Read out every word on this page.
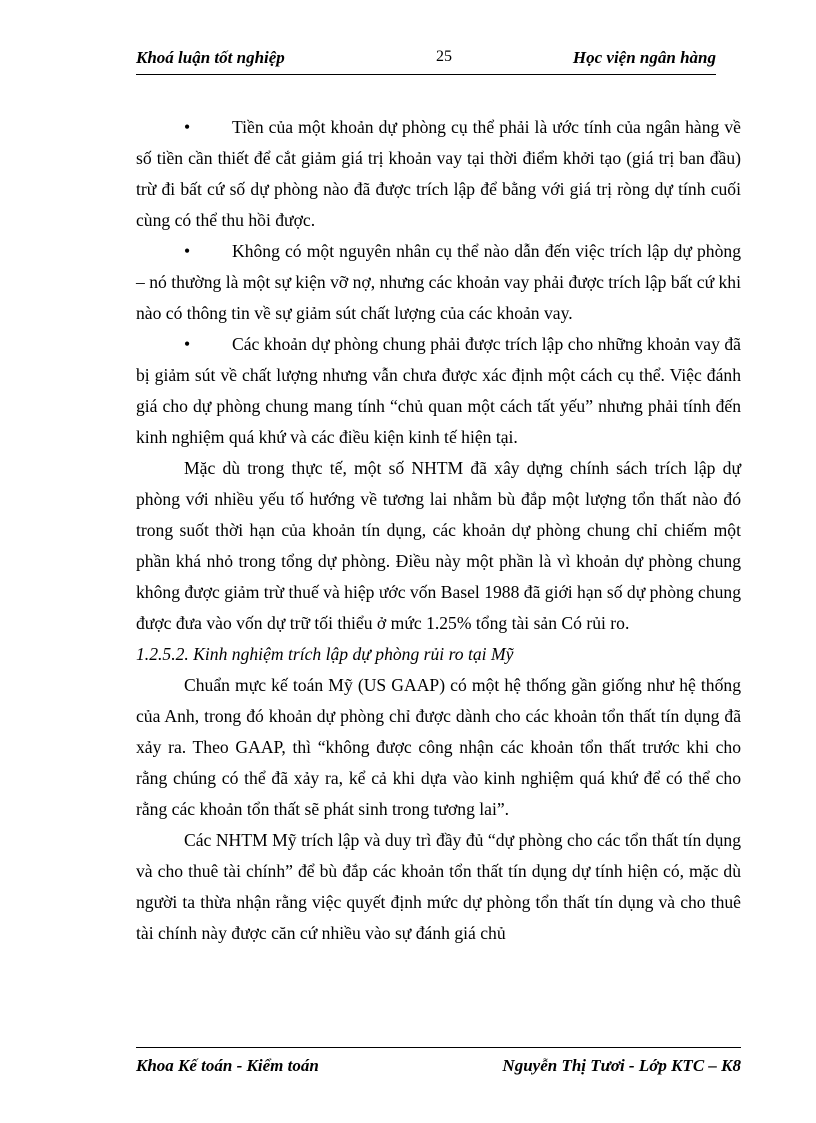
Khoá luận tốt nghiệp	25	Học viện ngân hàng

• Tiền của một khoản dự phòng cụ thể phải là ước tính của ngân hàng về số tiền cần thiết để cắt giảm giá trị khoản vay tại thời điểm khởi tạo (giá trị ban đầu) trừ đi bất cứ số dự phòng nào đã được trích lập để bằng với giá trị ròng dự tính cuối cùng có thể thu hồi được.

• Không có một nguyên nhân cụ thể nào dẫn đến việc trích lập dự phòng – nó thường là một sự kiện vỡ nợ, nhưng các khoản vay phải được trích lập bất cứ khi nào có thông tin về sự giảm sút chất lượng của các khoản vay.

• Các khoản dự phòng chung phải được trích lập cho những khoản vay đã bị giảm sút về chất lượng nhưng vẫn chưa được xác định một cách cụ thể. Việc đánh giá cho dự phòng chung mang tính “chủ quan một cách tất yếu” nhưng phải tính đến kinh nghiệm quá khứ và các điều kiện kinh tế hiện tại.

Mặc dù trong thực tế, một số NHTM đã xây dựng chính sách trích lập dự phòng với nhiều yếu tố hướng về tương lai nhằm bù đắp một lượng tổn thất nào đó trong suốt thời hạn của khoản tín dụng, các khoản dự phòng chung chỉ chiếm một phần khá nhỏ trong tổng dự phòng. Điều này một phần là vì khoản dự phòng chung không được giảm trừ thuế và hiệp ước vốn Basel 1988 đã giới hạn số dự phòng chung được đưa vào vốn dự trữ tối thiểu ở mức 1.25% tổng tài sản Có rủi ro.

1.2.5.2. Kinh nghiệm trích lập dự phòng rủi ro tại Mỹ

Chuẩn mực kế toán Mỹ (US GAAP) có một hệ thống gần giống như hệ thống của Anh, trong đó khoản dự phòng chỉ được dành cho các khoản tổn thất tín dụng đã xảy ra. Theo GAAP, thì “không được công nhận các khoản tổn thất trước khi cho rằng chúng có thể đã xảy ra, kể cả khi dựa vào kinh nghiệm quá khứ để có thể cho rằng các khoản tổn thất sẽ phát sinh trong tương lai”.

Các NHTM Mỹ trích lập và duy trì đầy đủ “dự phòng cho các tổn thất tín dụng và cho thuê tài chính” để bù đắp các khoản tổn thất tín dụng dự tính hiện có, mặc dù người ta thừa nhận rằng việc quyết định mức dự phòng tổn thất tín dụng và cho thuê tài chính này được căn cứ nhiều vào sự đánh giá chủ

Khoa Kế toán - Kiểm toán	Nguyễn Thị Tươi - Lớp KTC – K8
